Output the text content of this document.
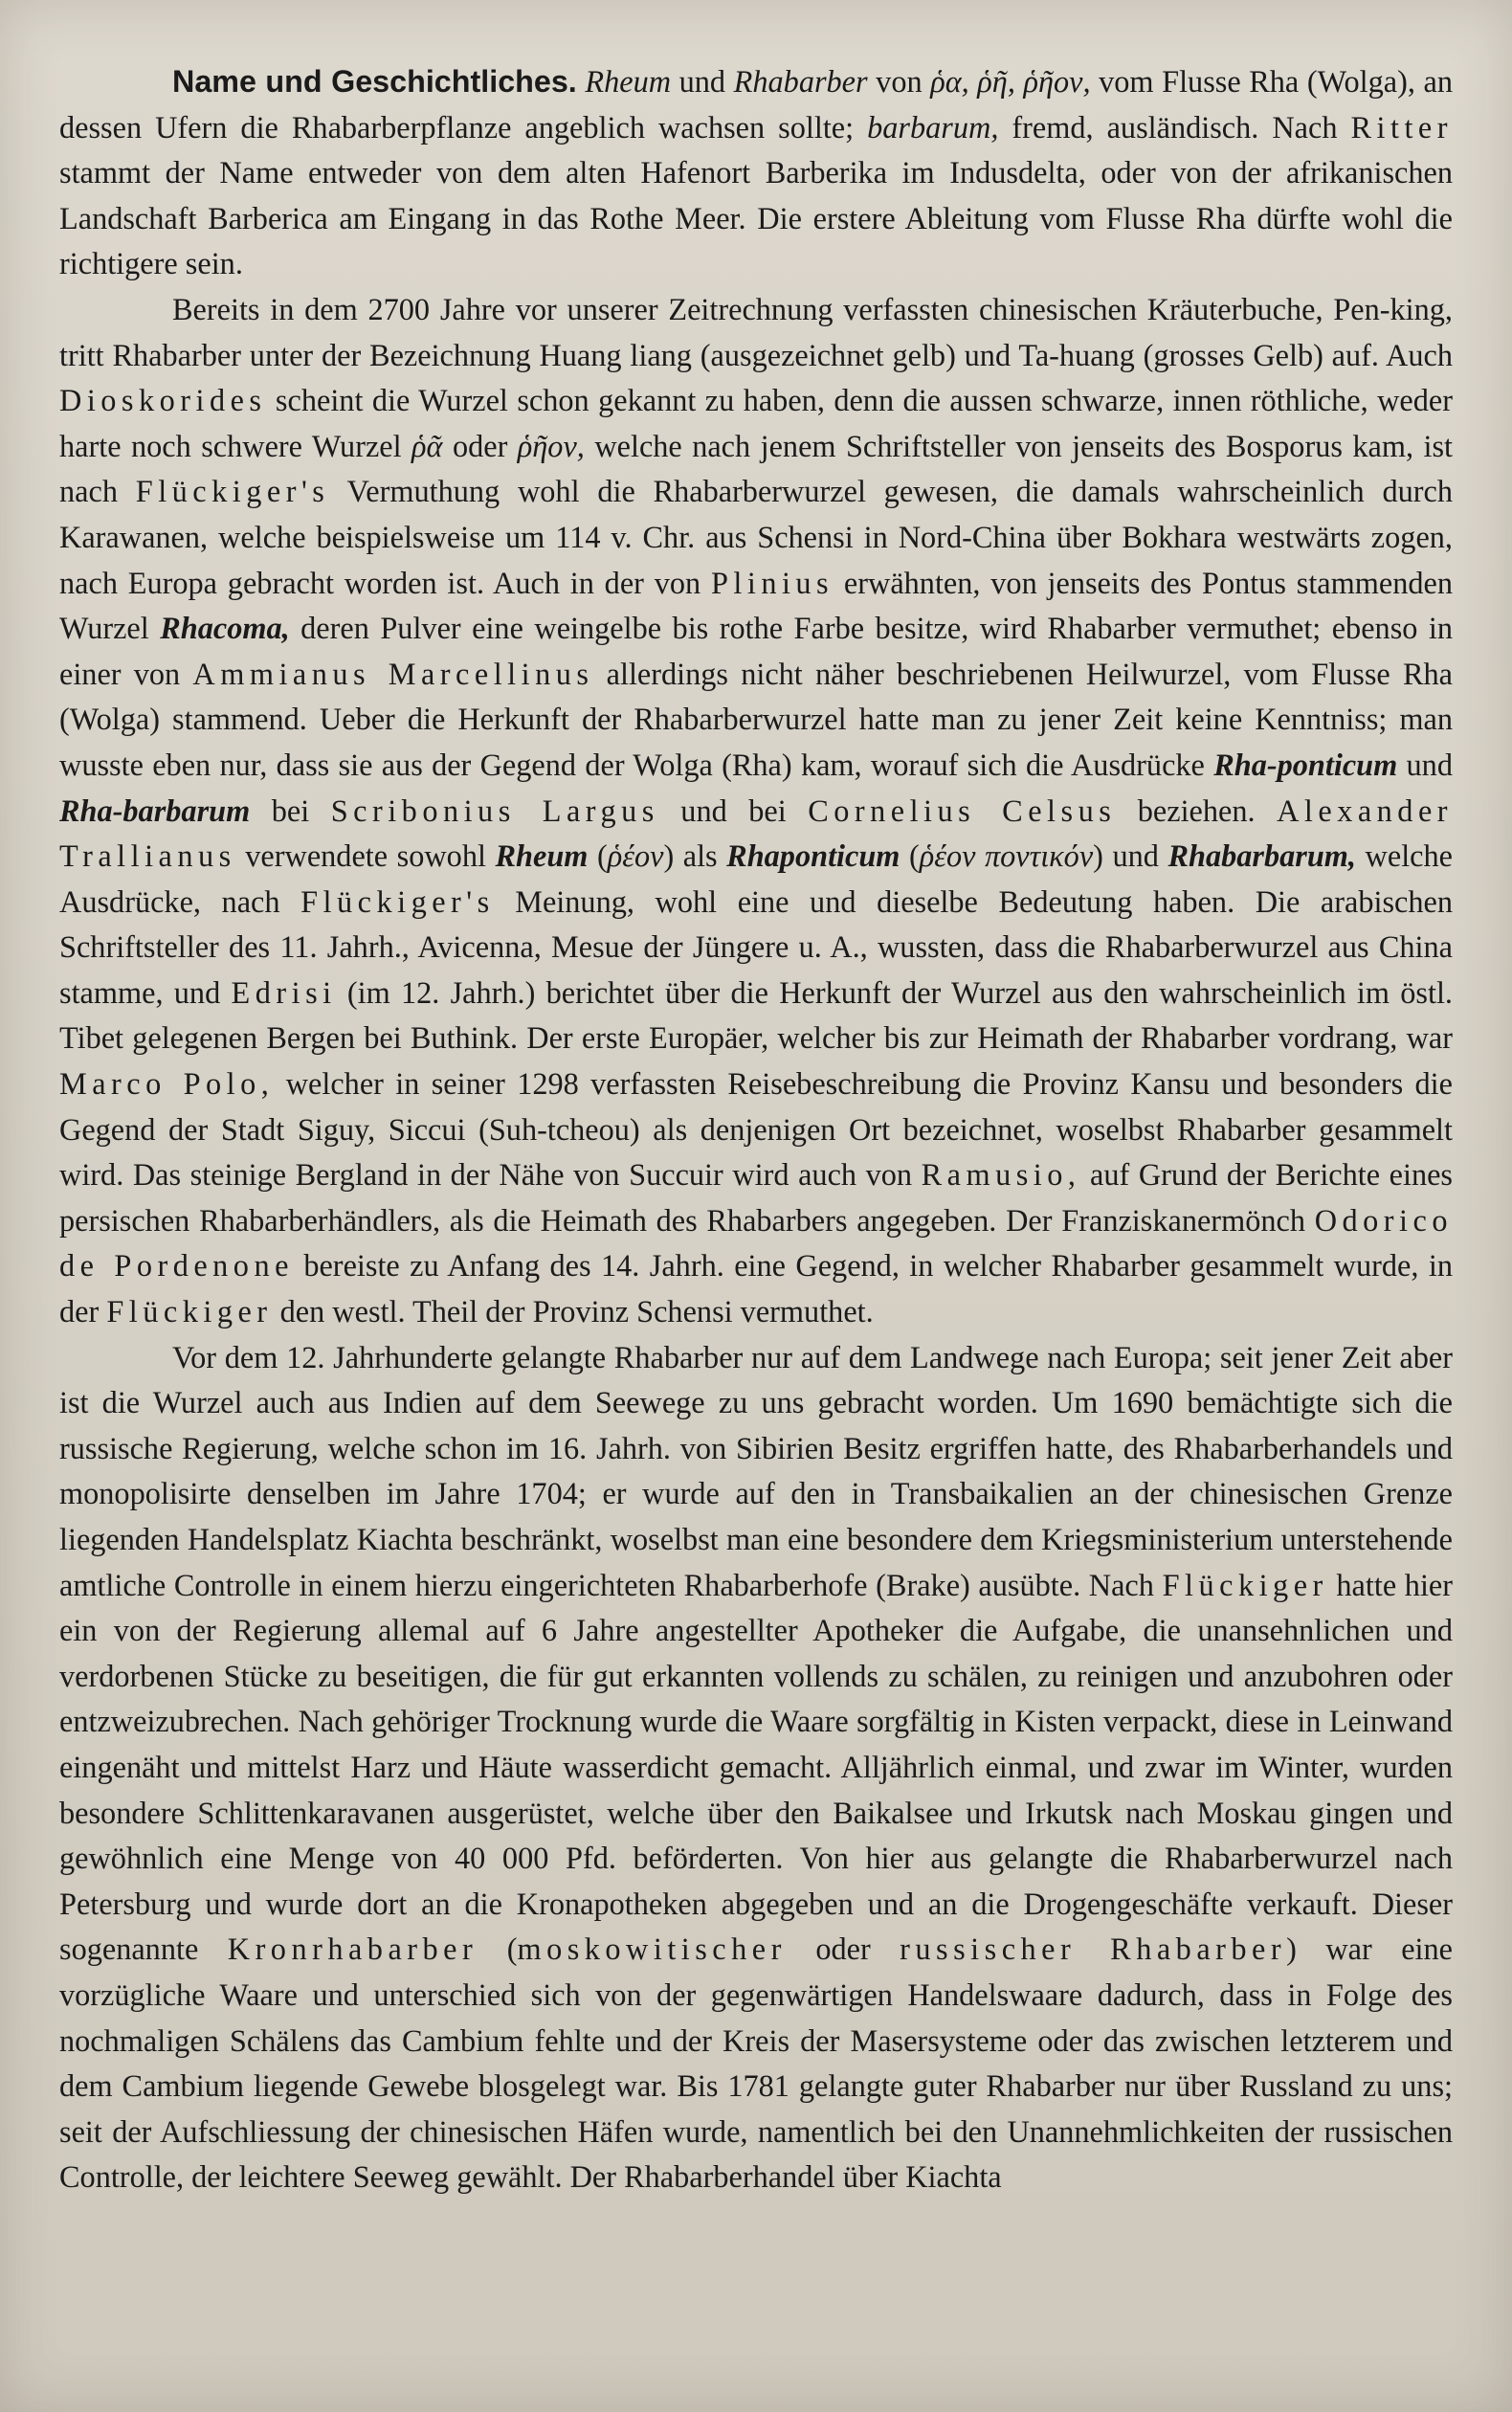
Name und Geschichtliches. Rheum und Rhabarber von ῥα, ῥῆ, ῥῆον, vom Flusse Rha (Wolga), an dessen Ufern die Rhabarberpflanze angeblich wachsen sollte; barbarum, fremd, ausländisch. Nach Ritter stammt der Name entweder von dem alten Hafenort Barberika im Indusdelta, oder von der afrikanischen Landschaft Barberica am Eingang in das Rothe Meer. Die erstere Ableitung vom Flusse Rha dürfte wohl die richtigere sein.

Bereits in dem 2700 Jahre vor unserer Zeitrechnung verfassten chinesischen Kräuterbuche, Pen-king, tritt Rhabarber unter der Bezeichnung Huang liang (ausgezeichnet gelb) und Ta-huang (grosses Gelb) auf. Auch Dioskorides scheint die Wurzel schon gekannt zu haben, denn die aussen schwarze, innen röthliche, weder harte noch schwere Wurzel ῥᾶ oder ῥῆον, welche nach jenem Schriftsteller von jenseits des Bosporus kam, ist nach Flückiger's Vermuthung wohl die Rhabarberwurzel gewesen, die damals wahrscheinlich durch Karawanen, welche beispielsweise um 114 v. Chr. aus Schensi in Nord-China über Bokhara westwärts zogen, nach Europa gebracht worden ist. Auch in der von Plinius erwähnten, von jenseits des Pontus stammenden Wurzel Rhacoma, deren Pulver eine weingelbe bis rothe Farbe besitze, wird Rhabarber vermuthet; ebenso in einer von Ammianus Marcellinus allerdings nicht näher beschriebenen Heilwurzel, vom Flusse Rha (Wolga) stammend. Ueber die Herkunft der Rhabarberwurzel hatte man zu jener Zeit keine Kenntniss; man wusste eben nur, dass sie aus der Gegend der Wolga (Rha) kam, worauf sich die Ausdrücke Rha-ponticum und Rha-barbarum bei Scribonius Largus und bei Cornelius Celsus beziehen. Alexander Trallianus verwendete sowohl Rheum (ῥέον) als Rhaponticum (ῥέον ποντικόν) und Rhabarbarum, welche Ausdrücke, nach Flückiger's Meinung, wohl eine und dieselbe Bedeutung haben. Die arabischen Schriftsteller des 11. Jahrh., Avicenna, Mesue der Jüngere u. A., wussten, dass die Rhabarberwurzel aus China stamme, und Edrisi (im 12. Jahrh.) berichtet über die Herkunft der Wurzel aus den wahrscheinlich im östl. Tibet gelegenen Bergen bei Buthink. Der erste Europäer, welcher bis zur Heimath der Rhabarber vordrang, war Marco Polo, welcher in seiner 1298 verfassten Reisebeschreibung die Provinz Kansu und besonders die Gegend der Stadt Siguy, Siccui (Suh-tcheou) als denjenigen Ort bezeichnet, woselbst Rhabarber gesammelt wird. Das steinige Bergland in der Nähe von Succuir wird auch von Ramusio, auf Grund der Berichte eines persischen Rhabarberhändlers, als die Heimath des Rhabarbers angegeben. Der Franziskanermönch Odorico de Pordenone bereiste zu Anfang des 14. Jahrh. eine Gegend, in welcher Rhabarber gesammelt wurde, in der Flückiger den westl. Theil der Provinz Schensi vermuthet.

Vor dem 12. Jahrhunderte gelangte Rhabarber nur auf dem Landwege nach Europa; seit jener Zeit aber ist die Wurzel auch aus Indien auf dem Seewege zu uns gebracht worden. Um 1690 bemächtigte sich die russische Regierung, welche schon im 16. Jahrh. von Sibirien Besitz ergriffen hatte, des Rhabarberhandels und monopolisirte denselben im Jahre 1704; er wurde auf den in Transbaikalien an der chinesischen Grenze liegenden Handelsplatz Kiachta beschränkt, woselbst man eine besondere dem Kriegsministerium unterstehende amtliche Controlle in einem hierzu eingerichteten Rhabarberhofe (Brake) ausübte. Nach Flückiger hatte hier ein von der Regierung allemal auf 6 Jahre angestellter Apotheker die Aufgabe, die unansehnlichen und verdorbenen Stücke zu beseitigen, die für gut erkannten vollends zu schälen, zu reinigen und anzubohren oder entzweizubrechen. Nach gehöriger Trocknung wurde die Waare sorgfältig in Kisten verpackt, diese in Leinwand eingenäht und mittelst Harz und Häute wasserdicht gemacht. Alljährlich einmal, und zwar im Winter, wurden besondere Schlittenkaravanen ausgerüstet, welche über den Baikalsee und Irkutsk nach Moskau gingen und gewöhnlich eine Menge von 40 000 Pfd. beförderten. Von hier aus gelangte die Rhabarberwurzel nach Petersburg und wurde dort an die Kronapotheken abgegeben und an die Drogengeschäfte verkauft. Dieser sogenannte Kronrhabarber (moskowitischer oder russischer Rhabarber) war eine vorzügliche Waare und unterschied sich von der gegenwärtigen Handelswaare dadurch, dass in Folge des nochmaligen Schälens das Cambium fehlte und der Kreis der Masersysteme oder das zwischen letzterem und dem Cambium liegende Gewebe blosgelegt war. Bis 1781 gelangte guter Rhabarber nur über Russland zu uns; seit der Aufschliessung der chinesischen Häfen wurde, namentlich bei den Unannehmlichkeiten der russischen Controlle, der leichtere Seeweg gewählt. Der Rhabarberhandel über Kiachta
